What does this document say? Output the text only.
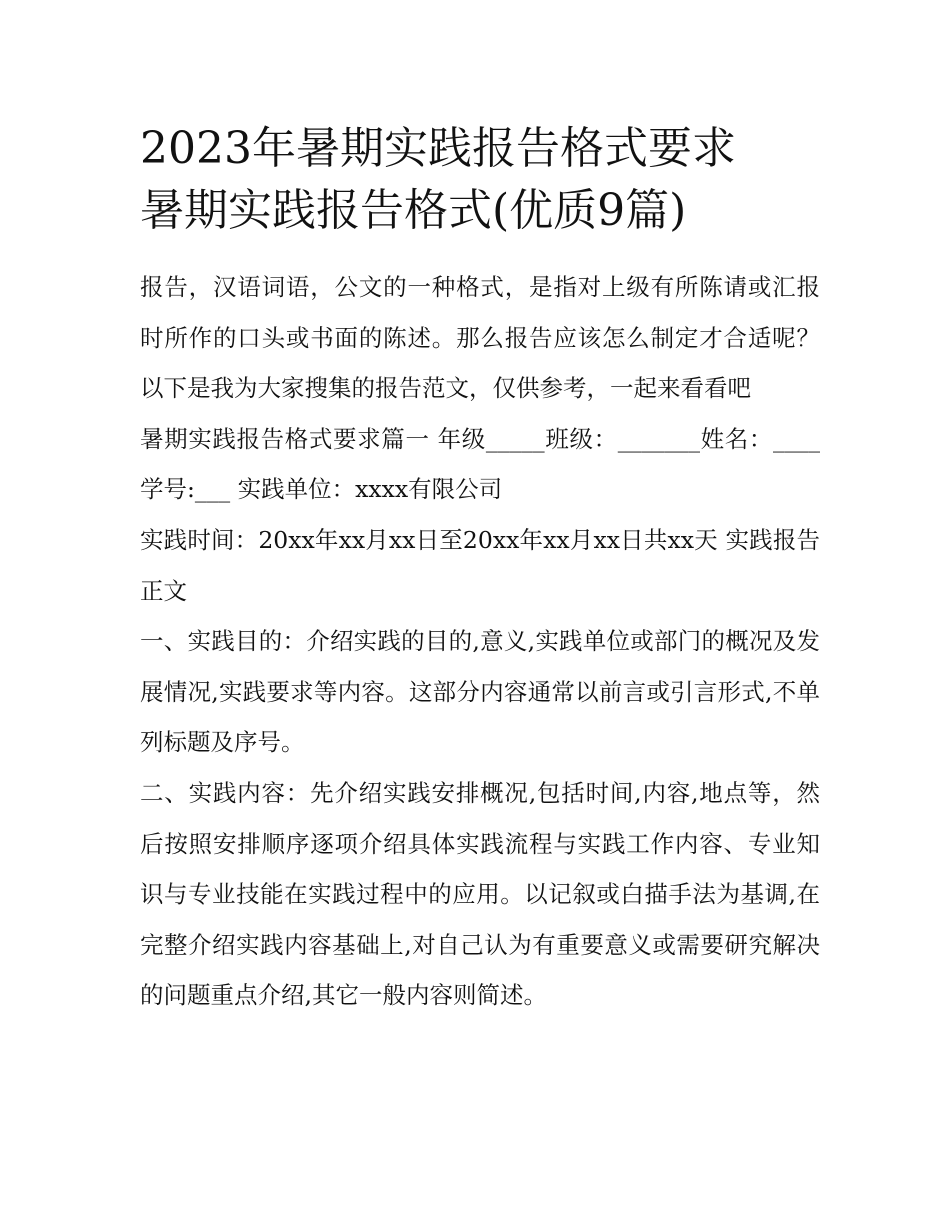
2023年暑期实践报告格式要求
暑期实践报告格式(优质9篇)

报告，汉语词语，公文的一种格式，是指对上级有所陈请或汇报时所作的口头或书面的陈述。那么报告应该怎么制定才合适呢？以下是我为大家搜集的报告范文，仅供参考，一起来看看吧

暑期实践报告格式要求篇一 年级_____班级：_______姓名：____学号:___ 实践单位：xxxx有限公司

实践时间：20xx年xx月xx日至20xx年xx月xx日共xx天 实践报告正文

一、实践目的：介绍实践的目的,意义,实践单位或部门的概况及发展情况,实践要求等内容。这部分内容通常以前言或引言形式,不单列标题及序号。

二、实践内容：先介绍实践安排概况,包括时间,内容,地点等，然后按照安排顺序逐项介绍具体实践流程与实践工作内容、专业知识与专业技能在实践过程中的应用。以记叙或白描手法为基调,在完整介绍实践内容基础上,对自己认为有重要意义或需要研究解决的问题重点介绍,其它一般内容则简述。
